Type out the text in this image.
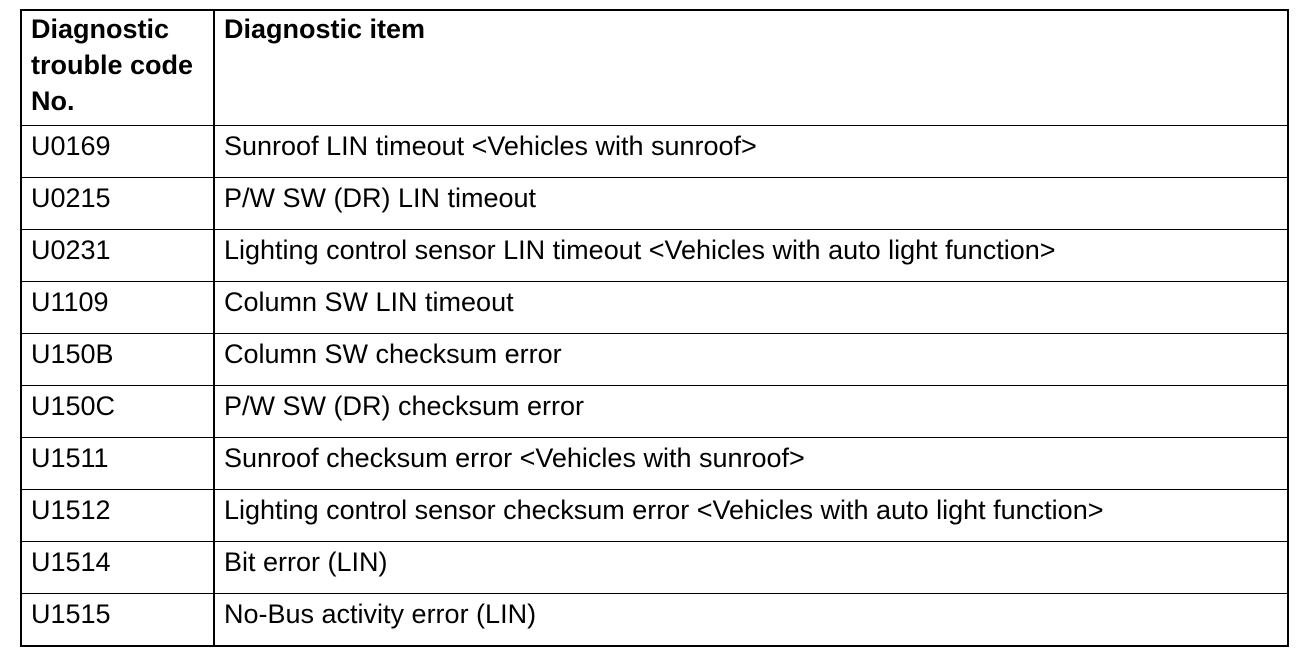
Diagnostic trouble code No.	Diagnostic item
U0169	Sunroof LIN timeout <Vehicles with sunroof>
U0215	P/W SW (DR) LIN timeout
U0231	Lighting control sensor LIN timeout <Vehicles with auto light function>
U1109	Column SW LIN timeout
U150B	Column SW checksum error
U150C	P/W SW (DR) checksum error
U1511	Sunroof checksum error <Vehicles with sunroof>
U1512	Lighting control sensor checksum error <Vehicles with auto light function>
U1514	Bit error (LIN)
U1515	No-Bus activity error (LIN)
